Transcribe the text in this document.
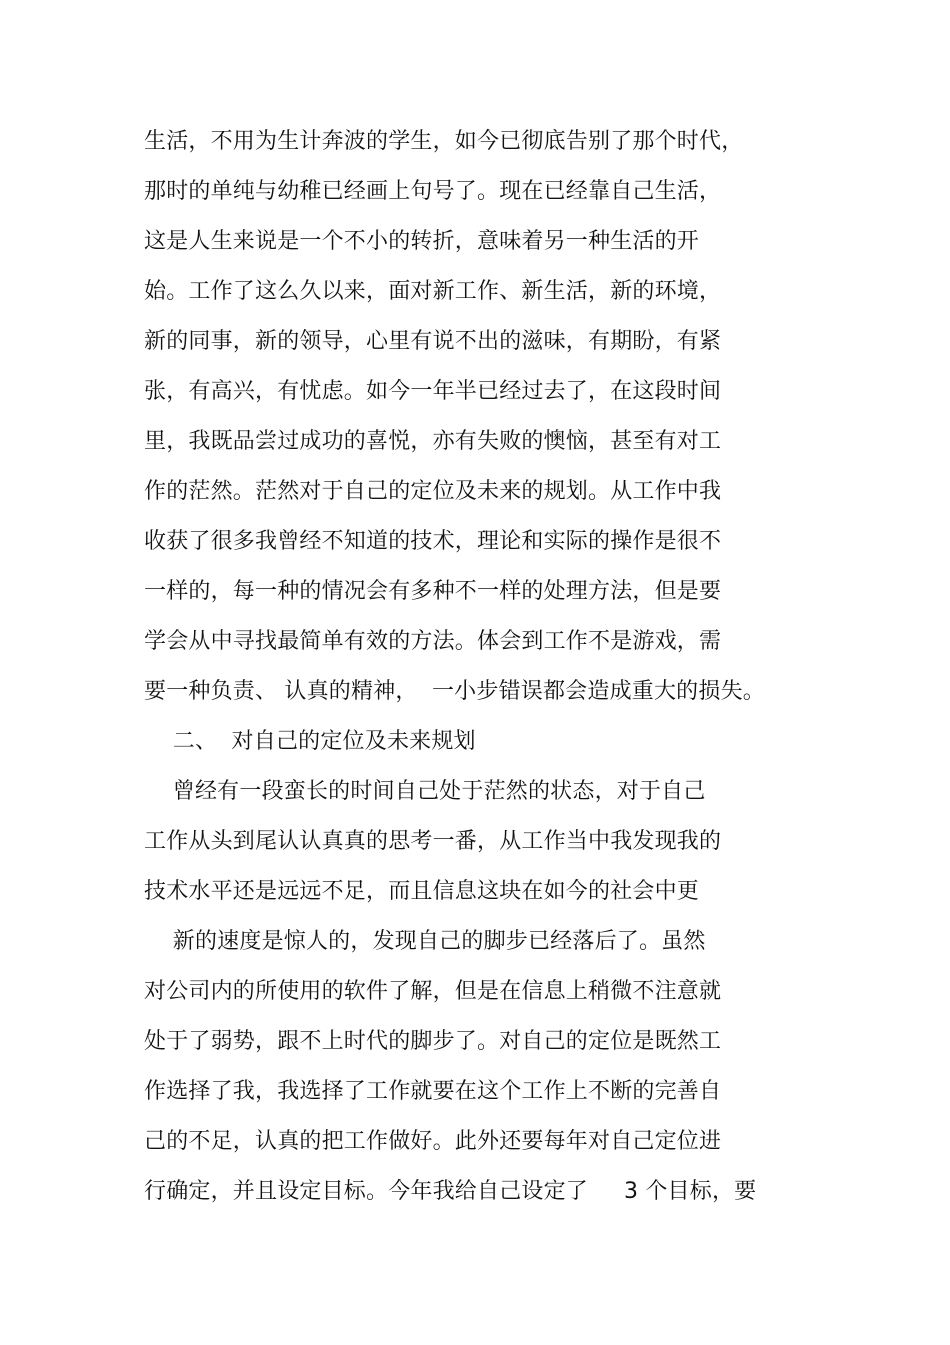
生活，不用为生计奔波的学生，如今已彻底告别了那个时代，
那时的单纯与幼稚已经画上句号了。现在已经靠自己生活，
这是人生来说是一个不小的转折，意味着另一种生活的开
始。工作了这么久以来，面对新工作、新生活，新的环境，
新的同事，新的领导，心里有说不出的滋味，有期盼，有紧
张，有高兴，有忧虑。如今一年半已经过去了，在这段时间
里，我既品尝过成功的喜悦，亦有失败的懊恼，甚至有对工
作的茫然。茫然对于自己的定位及未来的规划。从工作中我
收获了很多我曾经不知道的技术，理论和实际的操作是很不
一样的，每一种的情况会有多种不一样的处理方法，但是要
学会从中寻找最简单有效的方法。体会到工作不是游戏，需
要一种负责、 认真的精神，  一小步错误都会造成重大的损失。
二、  对自己的定位及未来规划
曾经有一段蛮长的时间自己处于茫然的状态，对于自己
工作从头到尾认认真真的思考一番，从工作当中我发现我的
技术水平还是远远不足，而且信息这块在如今的社会中更
新的速度是惊人的，发现自己的脚步已经落后了。虽然
对公司内的所使用的软件了解，但是在信息上稍微不注意就
处于了弱势，跟不上时代的脚步了。对自己的定位是既然工
作选择了我，我选择了工作就要在这个工作上不断的完善自
己的不足，认真的把工作做好。此外还要每年对自己定位进
行确定，并且设定目标。今年我给自己设定了     3 个目标，要
